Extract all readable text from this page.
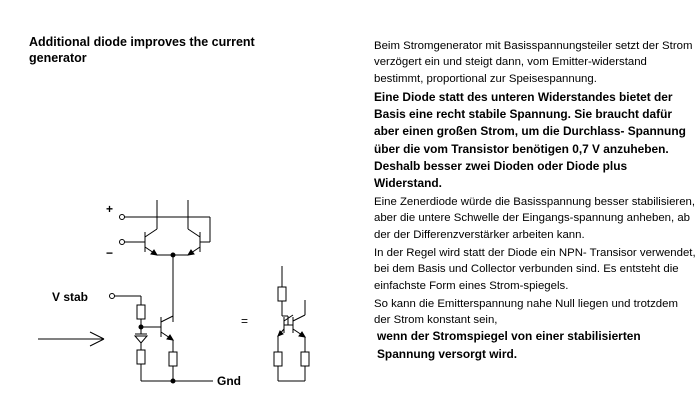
Additional diode improves the current generator

Beim Stromgenerator mit Basisspannungsteiler setzt der Strom verzögert ein und steigt dann, vom Emitter-widerstand bestimmt, proportional zur Speisespannung.

Eine Diode statt des unteren Widerstandes bietet der Basis eine recht stabile Spannung. Sie braucht dafür aber einen großen Strom, um die Durchlass- Spannung über die vom Transistor benötigen 0,7 V anzuheben. Deshalb besser zwei Dioden oder Diode plus Widerstand.

Eine Zenerdiode würde die Basisspannung besser stabilisieren, aber die untere Schwelle der Eingangs-spannung anheben, ab der der Differenzverstärker arbeiten kann.

In der Regel wird statt der Diode ein NPN- Transisor verwendet, bei dem Basis und Collector verbunden sind. Es entsteht die einfachste Form eines Strom-spiegels.

So kann die Emitterspannung nahe Null liegen und trotzdem der Strom konstant sein,

wenn der Stromspiegel von einer stabilisierten Spannung versorgt wird.

+
−
V stab
Gnd
=
